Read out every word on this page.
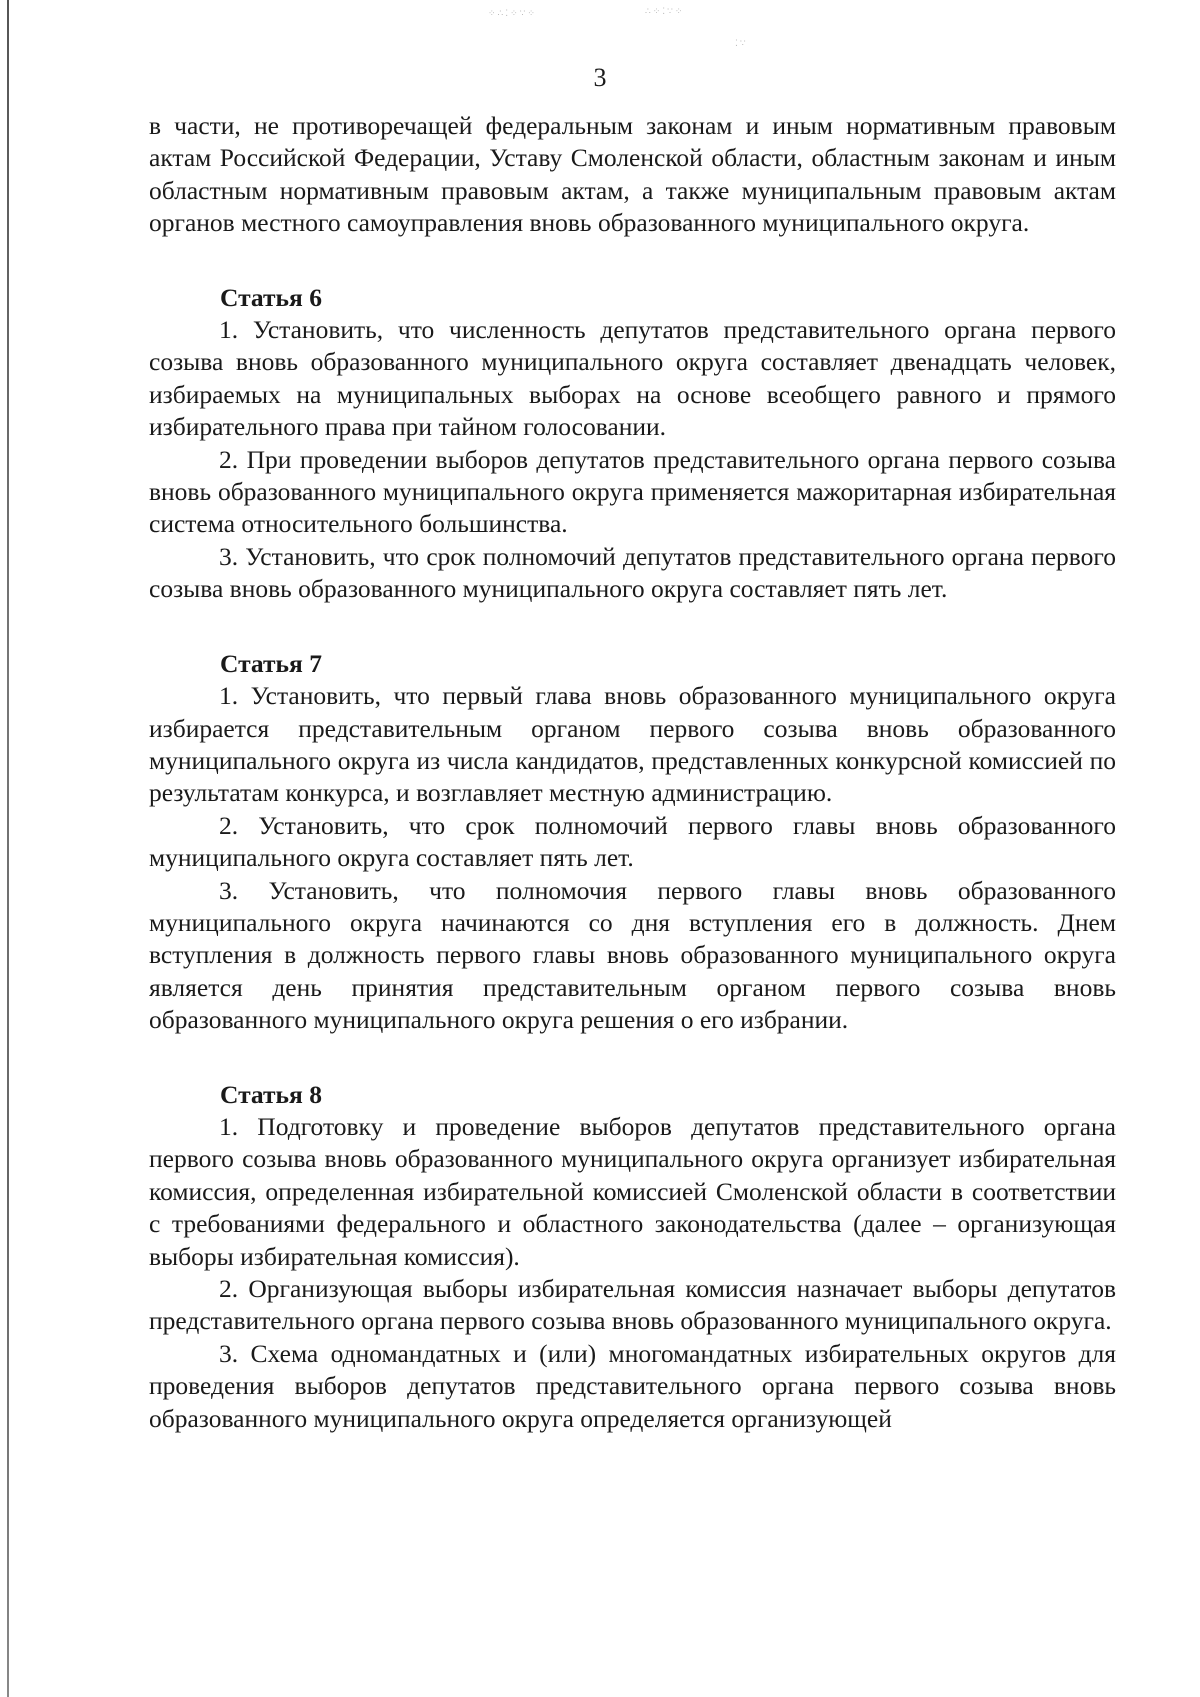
⁘∴⁚⁘∵⁘	∴⁘⁚∵⁘
⁚∵
3

в части, не противоречащей федеральным законам и иным нормативным правовым актам Российской Федерации, Уставу Смоленской области, областным законам и иным областным нормативным правовым актам, а также муниципальным правовым актам органов местного самоуправления вновь образованного муниципального округа.

Статья 6

1. Установить, что численность депутатов представительного органа первого созыва вновь образованного муниципального округа составляет двенадцать человек, избираемых на муниципальных выборах на основе всеобщего равного и прямого избирательного права при тайном голосовании.

2. При проведении выборов депутатов представительного органа первого созыва вновь образованного муниципального округа применяется мажоритарная избирательная система относительного большинства.

3. Установить, что срок полномочий депутатов представительного органа первого созыва вновь образованного муниципального округа составляет пять лет.

Статья 7

1. Установить, что первый глава вновь образованного муниципального округа избирается представительным органом первого созыва вновь образованного муниципального округа из числа кандидатов, представленных конкурсной комиссией по результатам конкурса, и возглавляет местную администрацию.

2. Установить, что срок полномочий первого главы вновь образованного муниципального округа составляет пять лет.

3. Установить, что полномочия первого главы вновь образованного муниципального округа начинаются со дня вступления его в должность. Днем вступления в должность первого главы вновь образованного муниципального округа является день принятия представительным органом первого созыва вновь образованного муниципального округа решения о его избрании.

Статья 8

1. Подготовку и проведение выборов депутатов представительного органа первого созыва вновь образованного муниципального округа организует избирательная комиссия, определенная избирательной комиссией Смоленской области в соответствии с требованиями федерального и областного законодательства (далее – организующая выборы избирательная комиссия).

2. Организующая выборы избирательная комиссия назначает выборы депутатов представительного органа первого созыва вновь образованного муниципального округа.

3. Схема одномандатных и (или) многомандатных избирательных округов для проведения выборов депутатов представительного органа первого созыва вновь образованного муниципального округа определяется организующей
